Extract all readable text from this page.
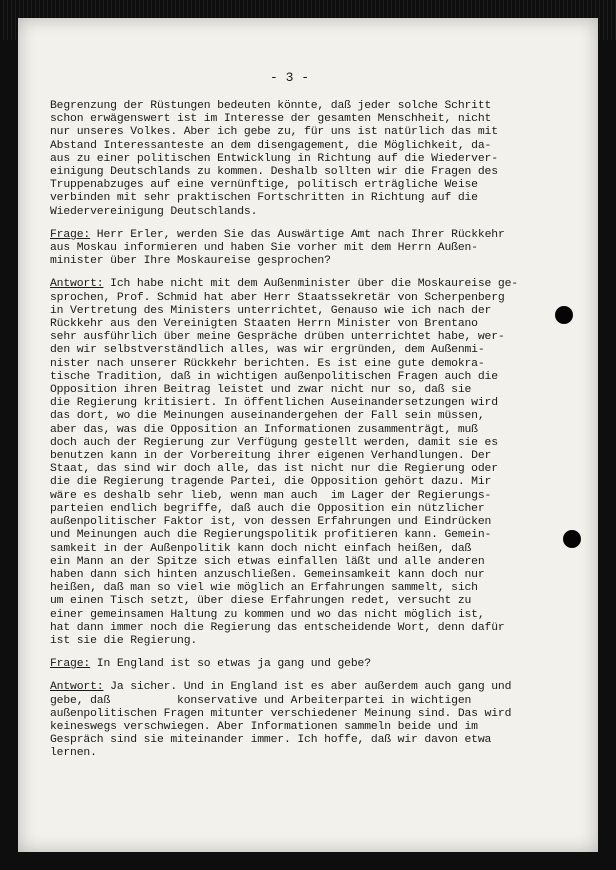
- 3 -
Begrenzung der Rüstungen bedeuten könnte, daß jeder solche Schritt
schon erwägenswert ist im Interesse der gesamten Menschheit, nicht
nur unseres Volkes. Aber ich gebe zu, für uns ist natürlich das mit
Abstand Interessanteste an dem disengagement, die Möglichkeit, da-
aus zu einer politischen Entwicklung in Richtung auf die Wiederver-
einigung Deutschlands zu kommen. Deshalb sollten wir die Fragen des
Truppenabzuges auf eine vernünftige, politisch erträgliche Weise
verbinden mit sehr praktischen Fortschritten in Richtung auf die
Wiedervereinigung Deutschlands.
Frage: Herr Erler, werden Sie das Auswärtige Amt nach Ihrer Rückkehr
aus Moskau informieren und haben Sie vorher mit dem Herrn Außen-
minister über Ihre Moskaureise gesprochen?
Antwort: Ich habe nicht mit dem Außenminister über die Moskaureise ge-
sprochen, Prof. Schmid hat aber Herr Staatssekretär von Scherpenberg
in Vertretung des Ministers unterrichtet, Genauso wie ich nach der
Rückkehr aus den Vereinigten Staaten Herrn Minister von Brentano
sehr ausführlich über meine Gespräche drüben unterrichtet habe, wer-
den wir selbstverständlich alles, was wir ergründen, dem Außenmi-
nister nach unserer Rückkehr berichten. Es ist eine gute demokra-
tische Tradition, daß in wichtigen außenpolitischen Fragen auch die
Opposition ihren Beitrag leistet und zwar nicht nur so, daß sie
die Regierung kritisiert. In öffentlichen Auseinandersetzungen wird
das dort, wo die Meinungen auseinandergehen der Fall sein müssen,
aber das, was die Opposition an Informationen zusammenträgt, muß
doch auch der Regierung zur Verfügung gestellt werden, damit sie es
benutzen kann in der Vorbereitung ihrer eigenen Verhandlungen. Der
Staat, das sind wir doch alle, das ist nicht nur die Regierung oder
die die Regierung tragende Partei, die Opposition gehört dazu. Mir
wäre es deshalb sehr lieb, wenn man auch  im Lager der Regierungs-
parteien endlich begriffe, daß auch die Opposition ein nützlicher
außenpolitischer Faktor ist, von dessen Erfahrungen und Eindrücken
und Meinungen auch die Regierungspolitik profitieren kann. Gemein-
samkeit in der Außenpolitik kann doch nicht einfach heißen, daß
ein Mann an der Spitze sich etwas einfallen läßt und alle anderen
haben dann sich hinten anzuschließen. Gemeinsamkeit kann doch nur
heißen, daß man so viel wie möglich an Erfahrungen sammelt, sich
um einen Tisch setzt, über diese Erfahrungen redet, versucht zu
einer gemeinsamen Haltung zu kommen und wo das nicht möglich ist,
hat dann immer noch die Regierung das entscheidende Wort, denn dafür
ist sie die Regierung.
Frage: In England ist so etwas ja gang und gebe?
Antwort: Ja sicher. Und in England ist es aber außerdem auch gang und
gebe, daß          konservative und Arbeiterpartei in wichtigen
außenpolitischen Fragen mitunter verschiedener Meinung sind. Das wird
keineswegs verschwiegen. Aber Informationen sammeln beide und im
Gespräch sind sie miteinander immer. Ich hoffe, daß wir davon etwa
lernen.
